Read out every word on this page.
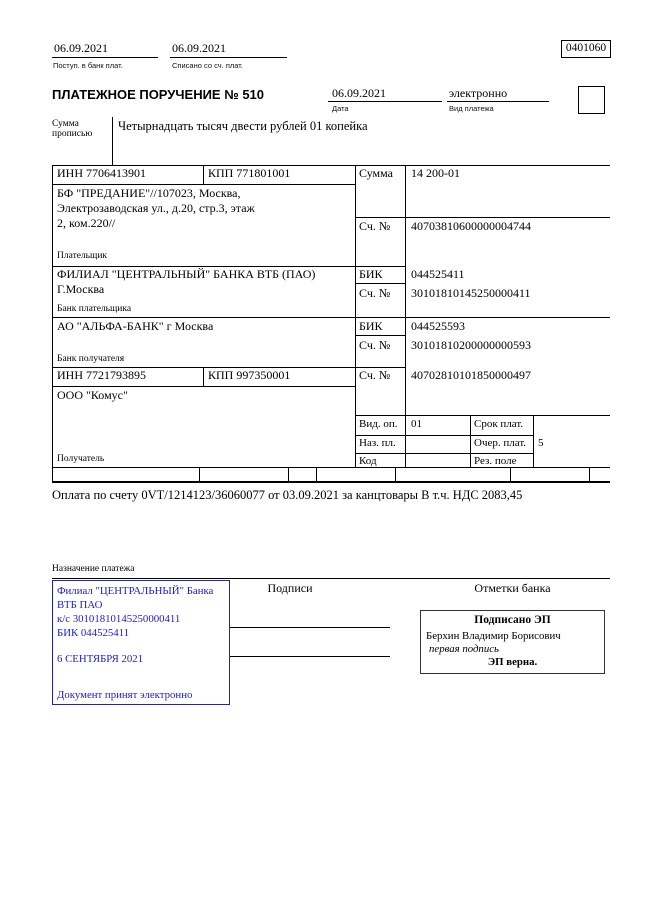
06.09.2021
Поступ. в банк плат.
06.09.2021
Списано со сч. плат.
0401060
ПЛАТЕЖНОЕ ПОРУЧЕНИЕ № 510	06.09.2021
Дата
электронно
Вид платежа
Сумма прописью
Четырнадцать тысяч двести рублей 01 копейка
ИНН 7706413901	КПП 771801001	Сумма 14 200-01
БФ "ПРЕДАНИЕ"//107023, Москва,
Электрозаводская ул., д.20, стр.3, этаж
2, ком.220//	Сч. № 40703810600000004744
Плательщик
ФИЛИАЛ "ЦЕНТРАЛЬНЫЙ" БАНКА ВТБ (ПАО)
Г.Москва
БИК 044525411
Сч. № 30101810145250000411
Банк плательщика
АО "АЛЬФА-БАНК" г Москва	БИК 044525593
Сч. № 30101810200000000593
Банк получателя
ИНН 7721793895	КПП 997350001	Сч. № 40702810101850000497
ООО "Комус"
Получатель
Вид. оп. 01	Срок плат.
Наз. пл.	Очер. плат. 5
Код	Рез. поле
Оплата по счету 0VT/1214123/36060077 от 03.09.2021 за канцтовары В т.ч. НДС 2083,45
Назначение платежа
Подписи	Отметки банка
Филиал "ЦЕНТРАЛЬНЫЙ" Банка
ВТБ ПАО
к/с 30101810145250000411
БИК 044525411
6 СЕНТЯБРЯ 2021
Документ принят электронно
Подписано ЭП
Берхин Владимир Борисович
первая подпись
ЭП верна.
